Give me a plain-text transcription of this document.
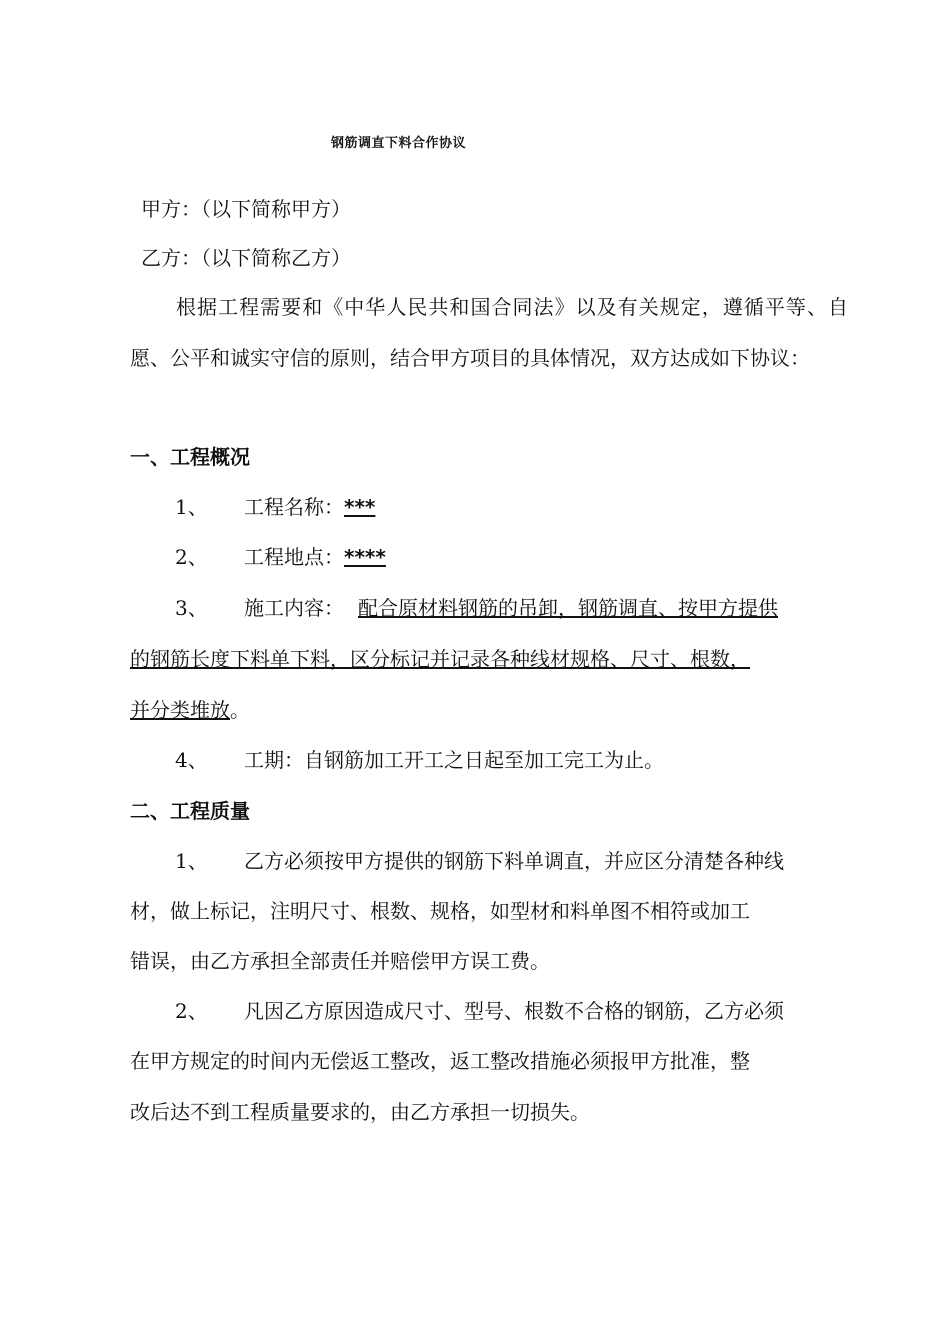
钢筋调直下料合作协议
甲方：（以下简称甲方）
乙方：（以下简称乙方）

根据工程需要和《中华人民共和国合同法》以及有关规定，遵循平等、自愿、公平和诚实守信的原则，结合甲方项目的具体情况，双方达成如下协议：

一、工程概况
1、 工程名称：***
2、 工程地点：****
3、 施工内容： 配合原材料钢筋的吊卸，钢筋调直、按甲方提供
的钢筋长度下料单下料，区分标记并记录各种线材规格、尺寸、根数，
并分类堆放。
4、 工期：自钢筋加工开工之日起至加工完工为止。
二、工程质量
1、 乙方必须按甲方提供的钢筋下料单调直，并应区分清楚各种线
材，做上标记，注明尺寸、根数、规格，如型材和料单图不相符或加工
错误，由乙方承担全部责任并赔偿甲方误工费。
2、 凡因乙方原因造成尺寸、型号、根数不合格的钢筋，乙方必须
在甲方规定的时间内无偿返工整改，返工整改措施必须报甲方批准，整
改后达不到工程质量要求的，由乙方承担一切损失。
